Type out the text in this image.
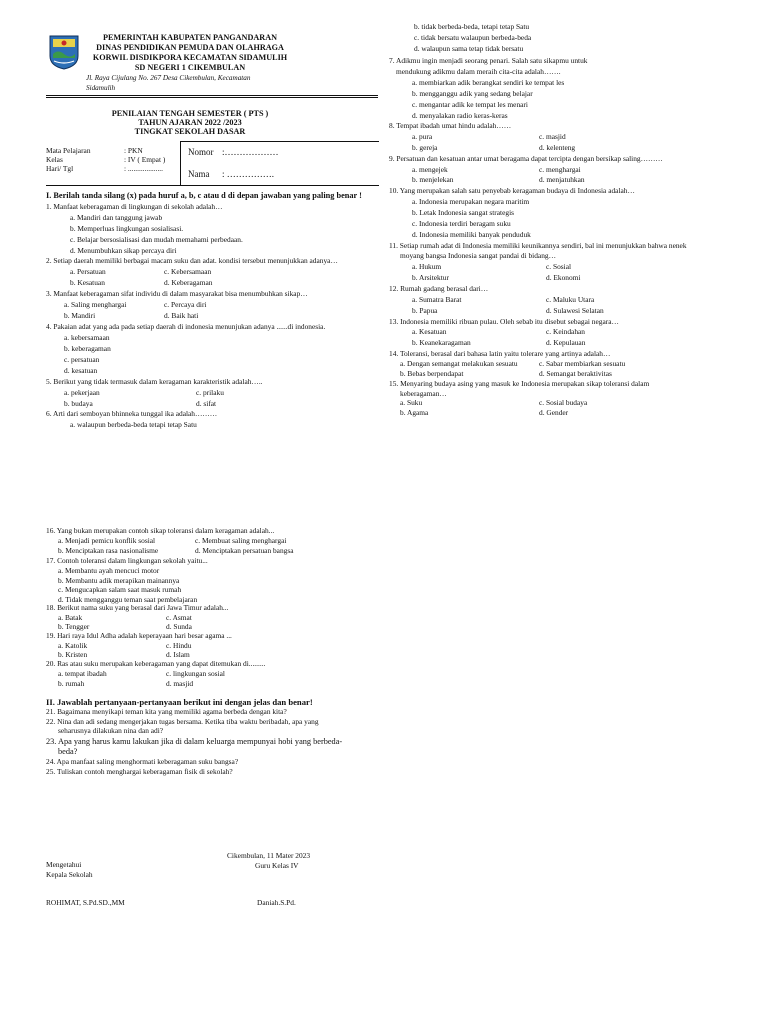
PEMERINTAH KABUPATEN PANGANDARAN
DINAS PENDIDIKAN PEMUDA DAN OLAHRAGA
KORWIL DISDIKPORA KECAMATAN SIDAMULIH
SD NEGERI 1 CIKEMBULAN
Jl. Raya Cijulang No. 267 Desa Cikembulan, Kecamatan
Sidamulih
PENILAIAN TENGAH SEMESTER ( PTS )
TAHUN AJARAN 2022 /2023
TINGKAT SEKOLAH DASAR
Mata Pelajaran	: PKN
Kelas	: IV ( Empat )
Hari/ Tgl	: ...................
Nomor :………………
Nama : …………….
I. Berilah tanda silang (x) pada huruf a, b, c atau d di depan jawaban yang paling benar !
1. Manfaat keberagaman di lingkungan di sekolah adalah…
a. Mandiri dan tanggung jawab
b. Memperluas lingkungan sosialisasi.
c. Belajar bersosialisasi dan mudah memahami perbedaan.
d. Menumbuhkan sikap percaya diri
2. Setiap daerah memiliki berbagai macam suku dan adat. kondisi tersebut menunjukkan adanya…
a. Persatuan	c. Kebersamaan
b. Kesatuan	d. Keberagaman
3. Manfaat keberagaman sifat individu di dalam masyarakat bisa menumbuhkan sikap…
a. Saling menghargai	c. Percaya diri
b. Mandiri	d. Baik hati
4. Pakaian adat yang ada pada setiap daerah di indonesia menunjukan adanya ......di indonesia.
a. kebersamaan
b. keberagaman
c. persatuan
d. kesatuan
5. Berikut yang tidak termasuk dalam keragaman karakteristik adalah…..
a. pekerjaan	c. prilaku
b. budaya	d. sifat
6. Arti dari semboyan bhinneka tunggal ika adalah………
a. walaupun berbeda-beda tetapi tetap Satu
b. tidak berbeda-beda, tetapi tetap Satu
c. tidak bersatu walaupun berbeda-beda
d. walaupun sama tetap tidak bersatu
7. Adikmu ingin menjadi seorang penari. Salah satu sikapmu untuk
mendukung adikmu dalam meraih cita-cita adalah…….
a. membiarkan adik berangkat sendiri ke tempat les
b. mengganggu adik yang sedang belajar
c. mengantar adik ke tempat les menari
d. menyalakan radio keras-keras
8. Tempat ibadah umat hindu adalah……
a. pura	c. masjid
b. gereja	d. kelenteng
9. Persatuan dan kesatuan antar umat beragama dapat tercipta dengan bersikap saling………
a. mengejek	c. menghargai
b. menjelekan	d. menjatuhkan
10. Yang merupakan salah satu penyebab keragaman budaya di Indonesia adalah…
a. Indonesia merupakan negara maritim
b. Letak Indonesia sangat strategis
c. Indonesia terdiri beragam suku
d. Indonesia memiliki banyak penduduk
11. Setiap rumah adat di Indonesia memiliki keunikannya sendiri, bal ini menunjukkan bahwa nenek
moyang bangsa Indonesia sangat pandai di bidang…
a. Hukum	c. Sosial
b. Arsitektur	d. Ekonomi
12. Rumah gadang berasal dari…
a. Sumatra Barat	c. Maluku Utara
b. Papua	d. Sulawesi Selatan
13. Indonesia memiliki ribuan pulau. Oleh sebab itu disebut sebagai negara…
a. Kesatuan	c. Keindahan
b. Keanekaragaman	d. Kepulauan
14. Toleransi, berasal dari bahasa latin yaitu tolerare yang artinya adalah…
a. Dengan semangat melakukan sesuatu	c. Sabar membiarkan sesuatu
b. Bebas berpendapat	d. Semangat beraktivitas
15. Menyaring budaya asing yang masuk ke Indonesia merupakan sikap toleransi dalam
keberagaman…
a. Suku	c. Sosial budaya
b. Agama	d. Gender
16. Yang bukan merupakan contoh sikap toleransi dalam keragaman adalah...
a. Menjadi pemicu konflik sosial	c. Membuat saling menghargai
b. Menciptakan rasa nasionalisme	d. Menciptakan persatuan bangsa
17. Contoh toleransi dalam lingkungan sekolah yaitu...
a. Membantu ayah mencuci motor
b. Membantu adik merapikan mainannya
c. Mengucapkan salam saat masuk rumah
d. Tidak mengganggu teman saat pembelajaran
18. Berikut nama suku yang berasal dari Jawa Timur adalah...
a. Batak	c. Asmat
b. Tengger	d. Sunda
19. Hari raya Idul Adha adalah keperayaan hari besar agama ...
a. Katolik	c. Hindu
b. Kristen	d. Islam
20. Ras atau suku merupakan keberagaman yang dapat ditemukan di.........
a. tempat ibadah	c. lingkungan sosial
b. rumah	d. masjid
II. Jawablah pertanyaan-pertanyaan berikut ini dengan jelas dan benar!
21. Bagaimana menyikapi teman kita yang memiliki agama berbeda dengan kita?
22. Nina dan adi sedang mengerjakan tugas bersama. Ketika tiba waktu beribadah, apa yang
seharusnya dilakukan nina dan adi?
23. Apa yang harus kamu lakukan jika di dalam keluarga mempunyai hobi yang berbeda-
beda?
24. Apa manfaat saling menghormati keberagaman suku bangsa?
25. Tuliskan contoh menghargai keberagaman fisik di sekolah?
Cikembulan, 11 Mater 2023
Guru Kelas IV
Mengetahui
Kepala Sekolah
ROHIMAT, S.Pd.SD.,MM	Daniah.S.Pd.
